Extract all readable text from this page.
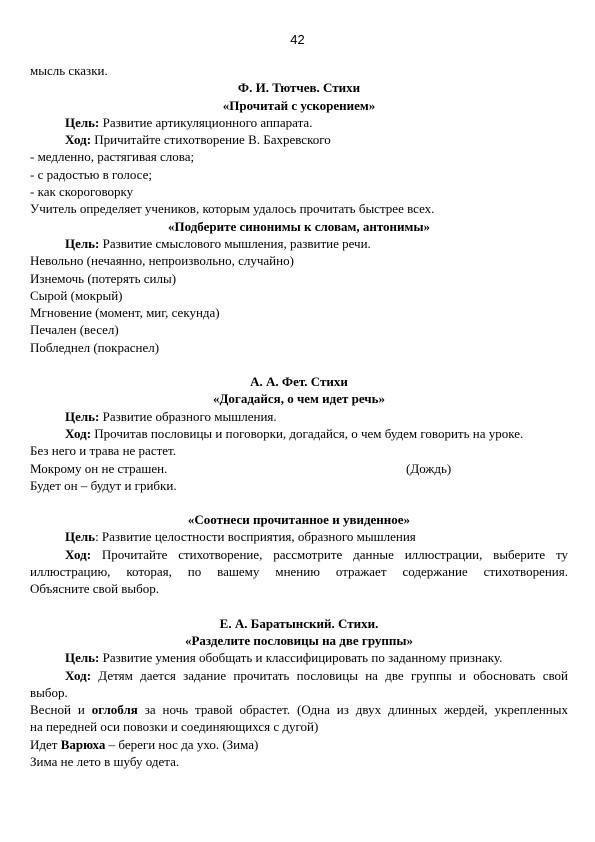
42
мысль сказки.
Ф. И. Тютчев. Стихи
«Прочитай с ускорением»
Цель: Развитие артикуляционного аппарата.
Ход: Причитайте стихотворение В. Бахревского
- медленно, растягивая слова;
- с радостью в голосе;
- как скороговорку
Учитель определяет учеников, которым удалось прочитать быстрее всех.
«Подберите синонимы к словам, антонимы»
Цель: Развитие смыслового мышления, развитие речи.
Невольно (нечаянно, непроизвольно, случайно)
Изнемочь (потерять силы)
Сырой (мокрый)
Мгновение (момент, миг, секунда)
Печален (весел)
Побледнел (покраснел)
А. А. Фет. Стихи
«Догадайся, о чем идет речь»
Цель: Развитие образного мышления.
Ход: Прочитав пословицы и поговорки, догадайся, о чем будем говорить на уроке.
Без него и трава не растет.
Мокрому он не страшен.	(Дождь)
Будет он – будут и грибки.
«Соотнеси прочитанное и увиденное»
Цель: Развитие целостности восприятия, образного мышления
Ход: Прочитайте стихотворение, рассмотрите данные иллюстрации, выберите ту
иллюстрацию, которая, по вашему мнению отражает содержание стихотворения.
Объясните свой выбор.
Е. А. Баратынский. Стихи.
«Разделите пословицы на две группы»
Цель: Развитие умения обобщать и классифицировать по заданному признаку.
Ход: Детям дается задание прочитать пословицы на две группы и обосновать свой
выбор.
Весной и оглобля за ночь травой обрастет. (Одна из двух длинных жердей, укрепленных
на передней оси повозки и соединяющихся с дугой)
Идет Варюха – береги нос да ухо. (Зима)
Зима не лето в шубу одета.
